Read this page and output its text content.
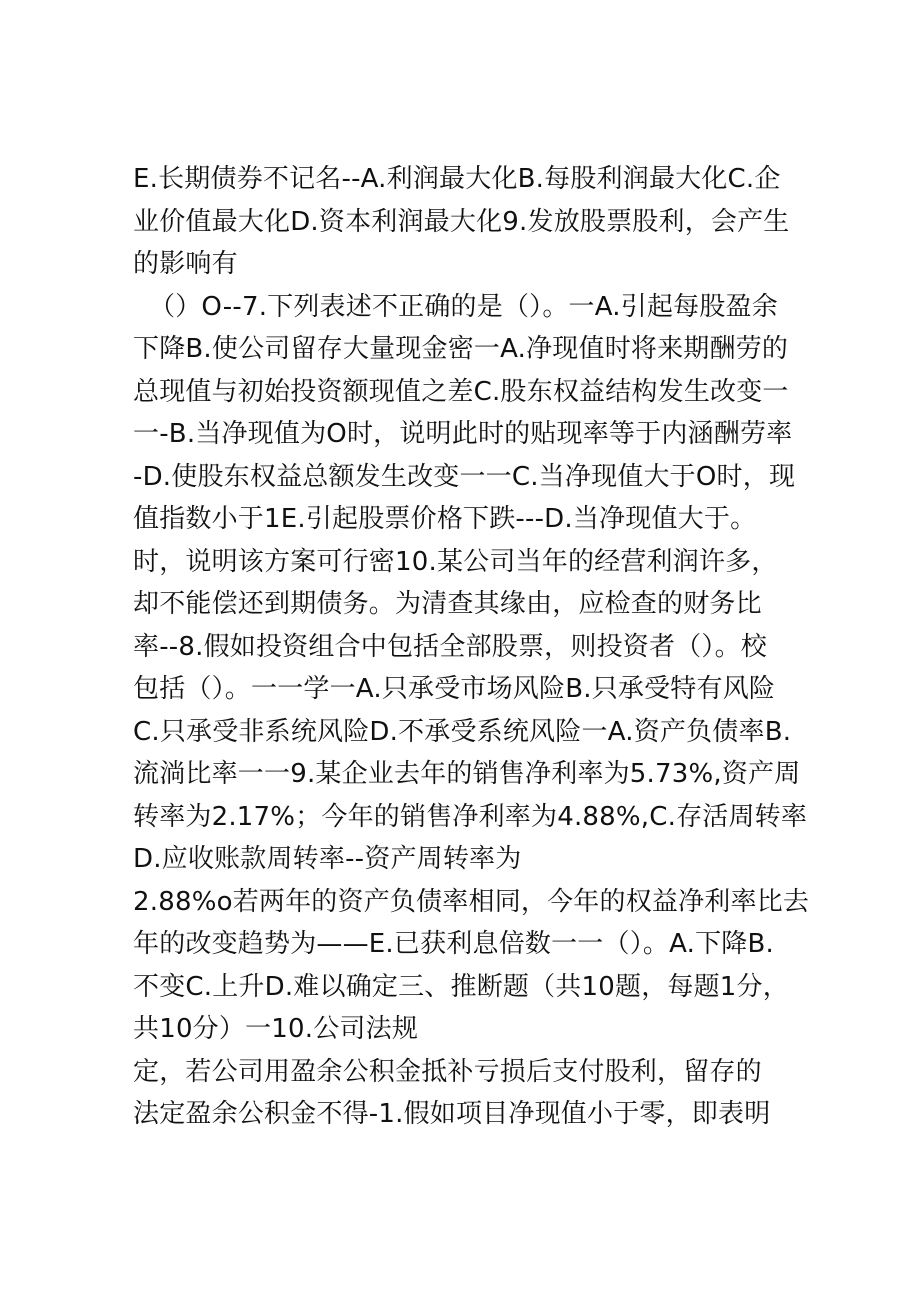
E.长期债券不记名--A.利润最大化B.每股利润最大化C.企
业价值最大化D.资本利润最大化9.发放股票股利，会产生
的影响有
（）O--7.下列表述不正确的是（）。一A.引起每股盈余
下降B.使公司留存大量现金密一A.净现值时将来期酬劳的
总现值与初始投资额现值之差C.股东权益结构发生改变一
一-B.当净现值为O时，说明此时的贴现率等于内涵酬劳率
-D.使股东权益总额发生改变一一C.当净现值大于O时，现
值指数小于1E.引起股票价格下跌---D.当净现值大于。
时，说明该方案可行密10.某公司当年的经营利润许多，
却不能偿还到期债务。为清查其缘由，应检查的财务比
率--8.假如投资组合中包括全部股票，则投资者（）。校
包括（）。一一学一A.只承受市场风险B.只承受特有风险
C.只承受非系统风险D.不承受系统风险一A.资产负债率B.
流淌比率一一9.某企业去年的销售净利率为5.73%,资产周
转率为2.17%；今年的销售净利率为4.88%,C.存活周转率
D.应收账款周转率--资产周转率为
2.88%o若两年的资产负债率相同，今年的权益净利率比去
年的改变趋势为——E.已获利息倍数一一（）。A.下降B.
不变C.上升D.难以确定三、推断题（共10题，每题1分，
共10分）一10.公司法规
定，若公司用盈余公积金抵补亏损后支付股利，留存的
法定盈余公积金不得-1.假如项目净现值小于零，即表明
